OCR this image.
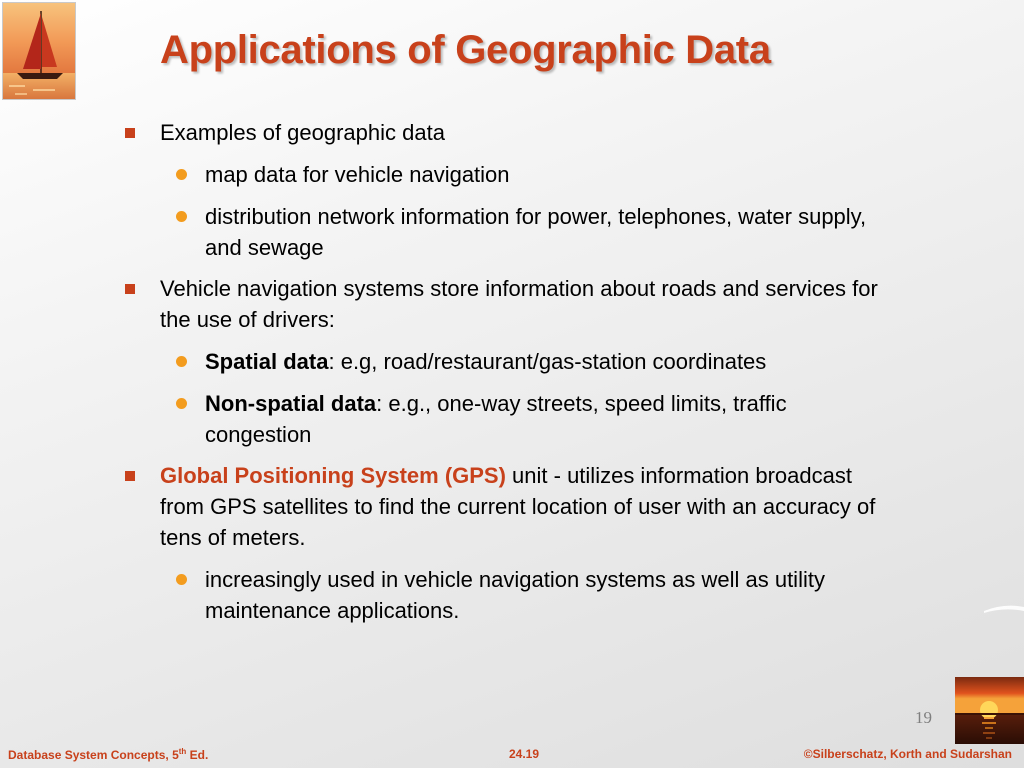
Applications of Geographic Data
Examples of geographic data
map data for vehicle navigation
distribution network information for power, telephones, water supply, and sewage
Vehicle navigation systems store information about roads and services for the use of drivers:
Spatial data: e.g, road/restaurant/gas-station coordinates
Non-spatial data: e.g., one-way streets, speed limits, traffic congestion
Global Positioning System (GPS) unit - utilizes information broadcast from GPS satellites to find the current location of user with an accuracy of tens of meters.
increasingly used in vehicle navigation systems as well as utility maintenance applications.
19
Database System Concepts, 5th Ed.	24.19	©Silberschatz, Korth and Sudarshan
